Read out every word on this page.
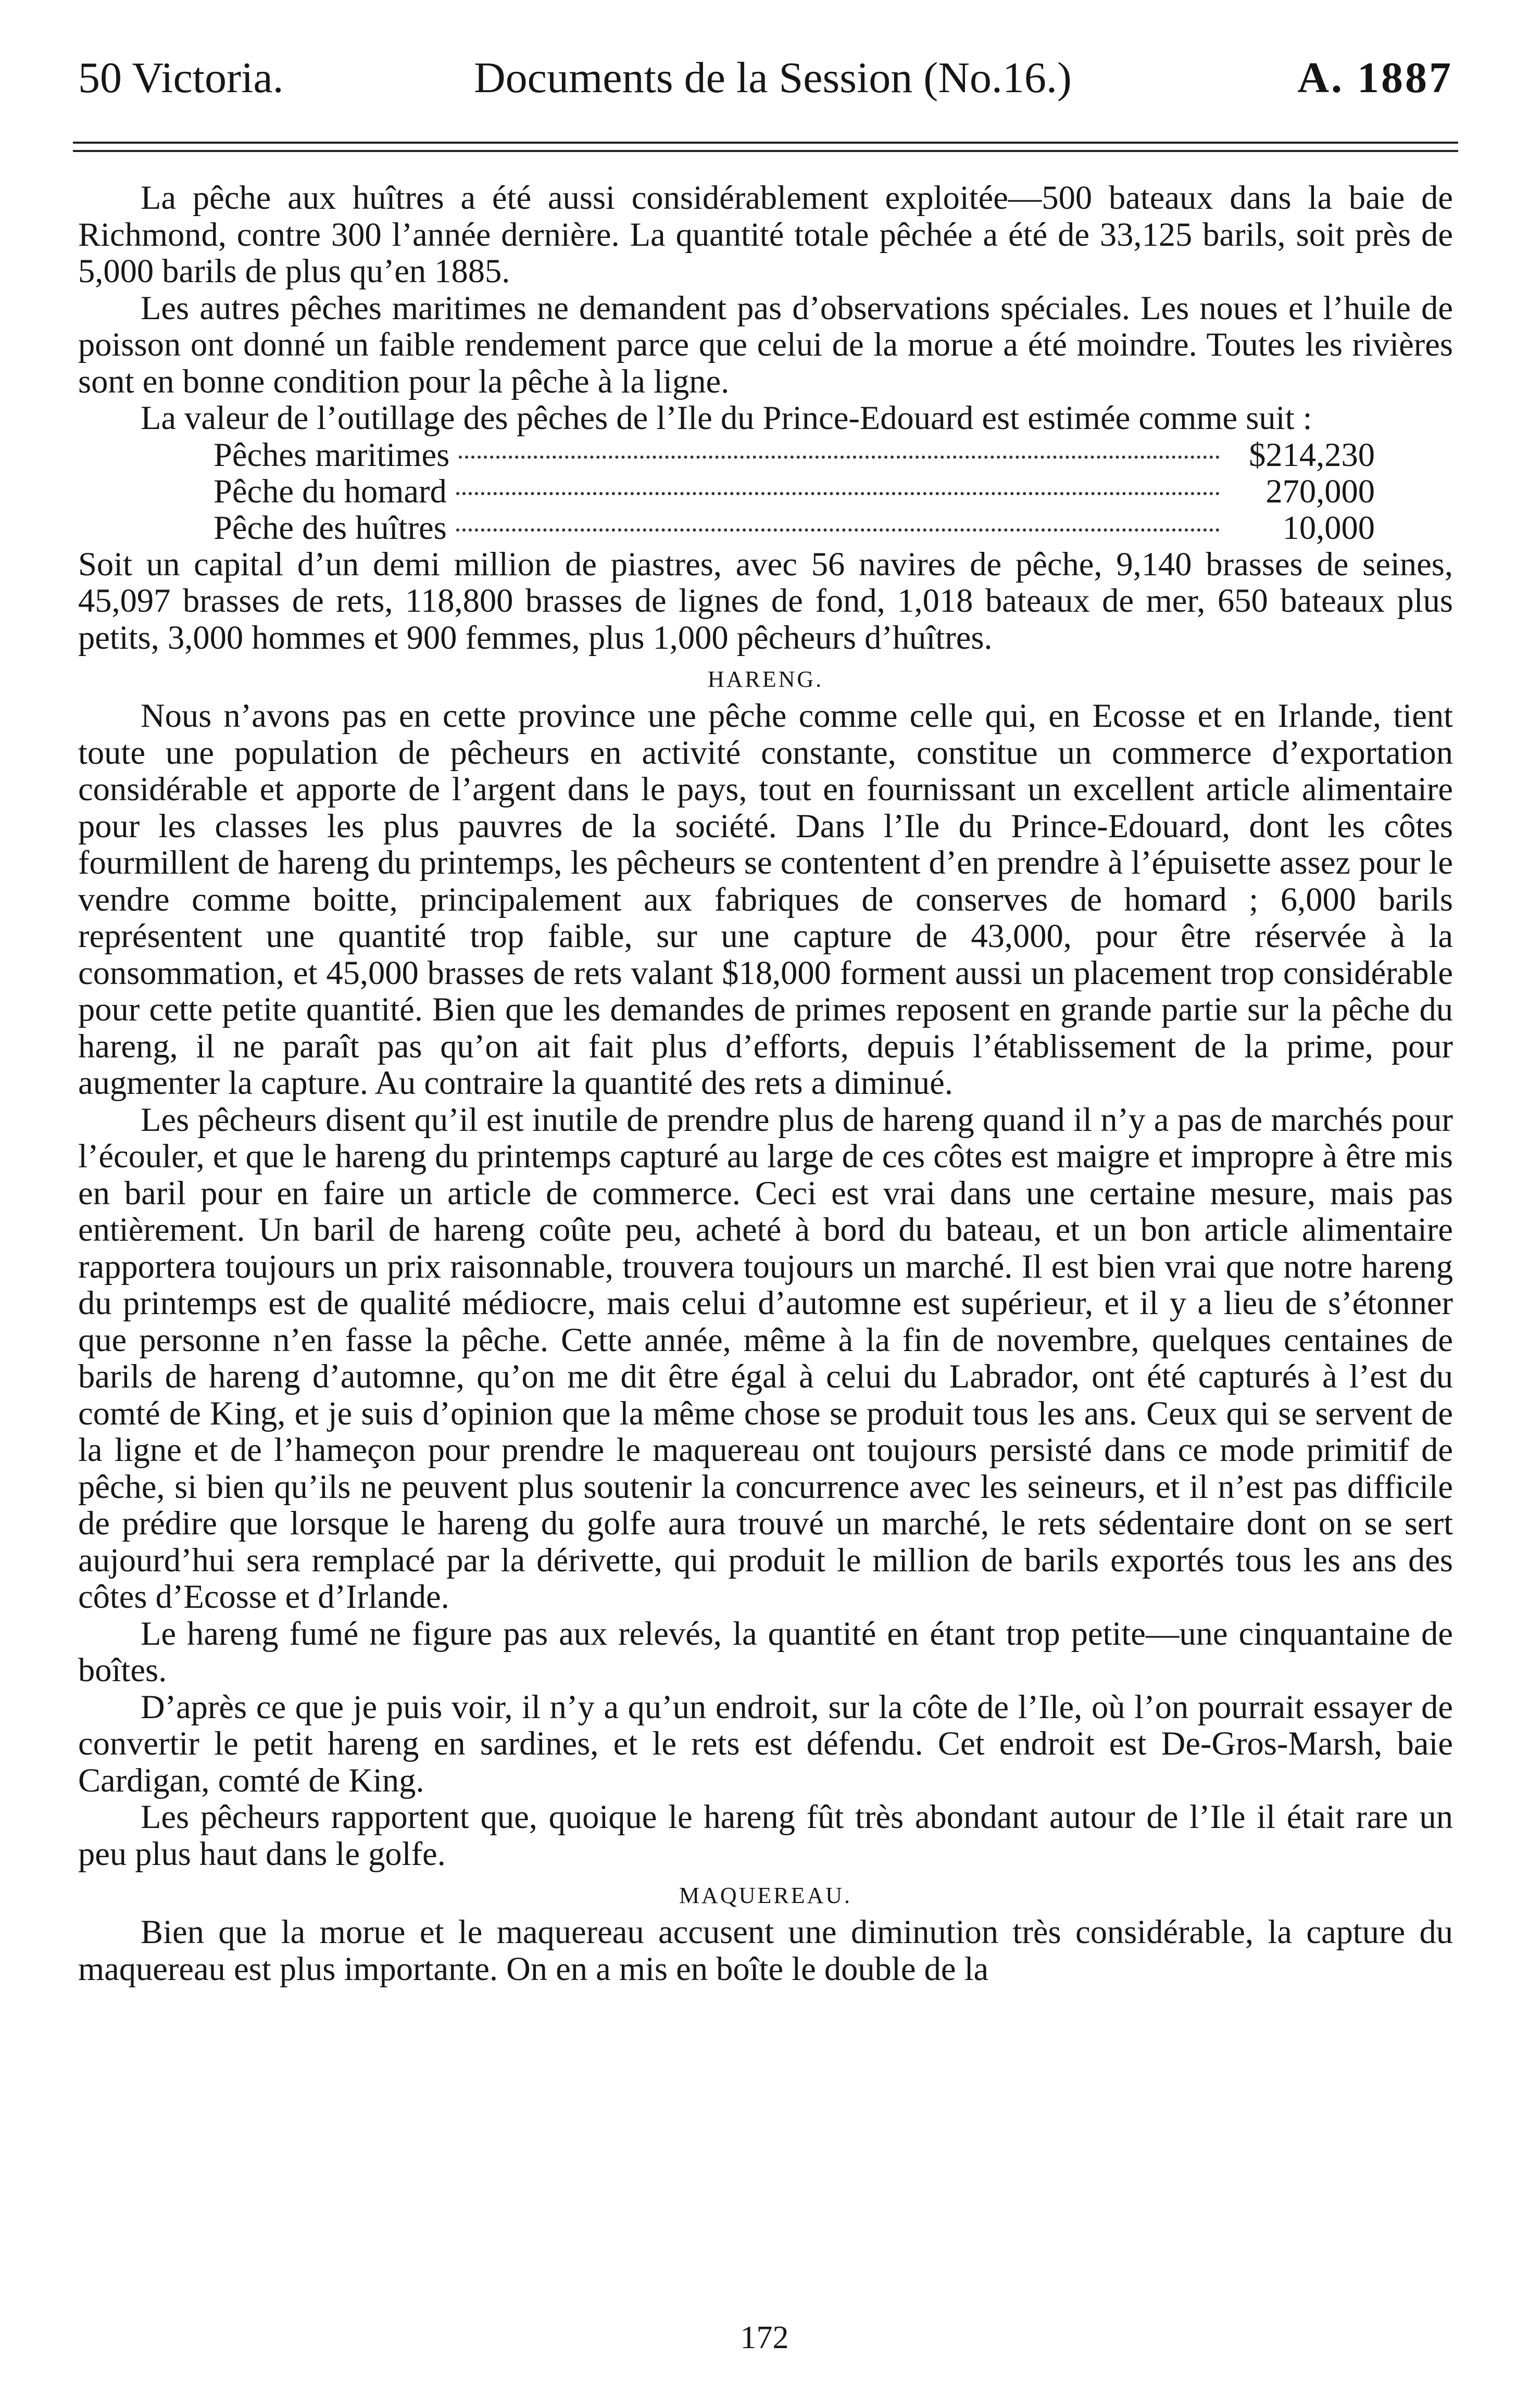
50 Victoria.	Documents de la Session (No.16.)	A. 1887

La pêche aux huîtres a été aussi considérablement exploitée—500 bateaux dans la baie de Richmond, contre 300 l’année dernière. La quantité totale pêchée a été de 33,125 barils, soit près de 5,000 barils de plus qu’en 1885.

Les autres pêches maritimes ne demandent pas d’observations spéciales. Les noues et l’huile de poisson ont donné un faible rendement parce que celui de la morue a été moindre. Toutes les rivières sont en bonne condition pour la pêche à la ligne.

La valeur de l’outillage des pêches de l’Ile du Prince-Edouard est estimée comme suit :

Pêches maritimes	$214,230
Pêche du homard	270,000
Pêche des huîtres	10,000

Soit un capital d’un demi million de piastres, avec 56 navires de pêche, 9,140 brasses de seines, 45,097 brasses de rets, 118,800 brasses de lignes de fond, 1,018 bateaux de mer, 650 bateaux plus petits, 3,000 hommes et 900 femmes, plus 1,000 pêcheurs d’huîtres.

HARENG.

Nous n’avons pas en cette province une pêche comme celle qui, en Ecosse et en Irlande, tient toute une population de pêcheurs en activité constante, constitue un commerce d’exportation considérable et apporte de l’argent dans le pays, tout en fournissant un excellent article alimentaire pour les classes les plus pauvres de la société. Dans l’Ile du Prince-Edouard, dont les côtes fourmillent de hareng du printemps, les pêcheurs se contentent d’en prendre à l’épuisette assez pour le vendre comme boitte, principalement aux fabriques de conserves de homard ; 6,000 barils représentent une quantité trop faible, sur une capture de 43,000, pour être réservée à la consommation, et 45,000 brasses de rets valant $18,000 forment aussi un placement trop considérable pour cette petite quantité. Bien que les demandes de primes reposent en grande partie sur la pêche du hareng, il ne paraît pas qu’on ait fait plus d’efforts, depuis l’établissement de la prime, pour augmenter la capture. Au contraire la quantité des rets a diminué.

Les pêcheurs disent qu’il est inutile de prendre plus de hareng quand il n’y a pas de marchés pour l’écouler, et que le hareng du printemps capturé au large de ces côtes est maigre et impropre à être mis en baril pour en faire un article de commerce. Ceci est vrai dans une certaine mesure, mais pas entièrement. Un baril de hareng coûte peu, acheté à bord du bateau, et un bon article alimentaire rapportera toujours un prix raisonnable, trouvera toujours un marché. Il est bien vrai que notre hareng du printemps est de qualité médiocre, mais celui d’automne est supérieur, et il y a lieu de s’étonner que personne n’en fasse la pêche. Cette année, même à la fin de novembre, quelques centaines de barils de hareng d’automne, qu’on me dit être égal à celui du Labrador, ont été capturés à l’est du comté de King, et je suis d’opinion que la même chose se produit tous les ans. Ceux qui se servent de la ligne et de l’hameçon pour prendre le maquereau ont toujours persisté dans ce mode primitif de pêche, si bien qu’ils ne peuvent plus soutenir la concurrence avec les seineurs, et il n’est pas difficile de prédire que lorsque le hareng du golfe aura trouvé un marché, le rets sédentaire dont on se sert aujourd’hui sera remplacé par la dérivette, qui produit le million de barils exportés tous les ans des côtes d’Ecosse et d’Irlande.

Le hareng fumé ne figure pas aux relevés, la quantité en étant trop petite—une cinquantaine de boîtes.

D’après ce que je puis voir, il n’y a qu’un endroit, sur la côte de l’Ile, où l’on pourrait essayer de convertir le petit hareng en sardines, et le rets est défendu. Cet endroit est De-Gros-Marsh, baie Cardigan, comté de King.

Les pêcheurs rapportent que, quoique le hareng fût très abondant autour de l’Ile il était rare un peu plus haut dans le golfe.

MAQUEREAU.

Bien que la morue et le maquereau accusent une diminution très considérable, la capture du maquereau est plus importante. On en a mis en boîte le double de la

172
